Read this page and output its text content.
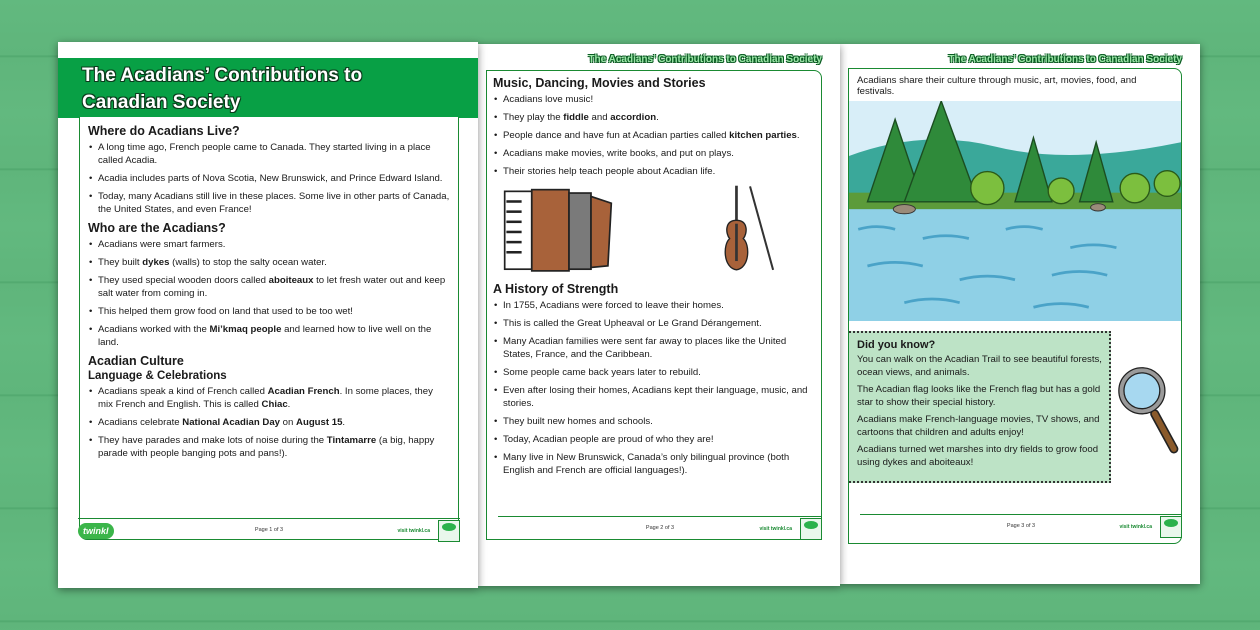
The Acadians’ Contributions to Canadian Society
Acadians share their culture through music, art, movies, food, and festivals.
Did you know?
You can walk on the Acadian Trail to see beautiful forests, ocean views, and animals.
The Acadian flag looks like the French flag but has a gold star to show their special history.
Acadians make French-language movies, TV shows, and cartoons that children and adults enjoy!
Acadians turned wet marshes into dry fields to grow food using dykes and aboiteaux!
Page 3 of 3	visit twinkl.ca
The Acadians’ Contributions to Canadian Society
Music, Dancing, Movies and Stories
• Acadians love music!
• They play the fiddle and accordion.
• People dance and have fun at Acadian parties called kitchen parties.
• Acadians make movies, write books, and put on plays.
• Their stories help teach people about Acadian life.
A History of Strength
• In 1755, Acadians were forced to leave their homes.
• This is called the Great Upheaval or Le Grand Dérangement.
• Many Acadian families were sent far away to places like the United States, France, and the Caribbean.
• Some people came back years later to rebuild.
• Even after losing their homes, Acadians kept their language, music, and stories.
• They built new homes and schools.
• Today, Acadian people are proud of who they are!
• Many live in New Brunswick, Canada’s only bilingual province (both English and French are official languages!).
Page 2 of 3	visit twinkl.ca
The Acadians’ Contributions to
Canadian Society
Where do Acadians Live?
• A long time ago, French people came to Canada. They started living in a place called Acadia.
• Acadia includes parts of Nova Scotia, New Brunswick, and Prince Edward Island.
• Today, many Acadians still live in these places. Some live in other parts of Canada, the United States, and even France!
Who are the Acadians?
• Acadians were smart farmers.
• They built dykes (walls) to stop the salty ocean water.
• They used special wooden doors called aboiteaux to let fresh water out and keep salt water from coming in.
• This helped them grow food on land that used to be too wet!
• Acadians worked with the Mi’kmaq people and learned how to live well on the land.
Acadian Culture
Language & Celebrations
• Acadians speak a kind of French called Acadian French. In some places, they mix French and English. This is called Chiac.
• Acadians celebrate National Acadian Day on August 15.
• They have parades and make lots of noise during the Tintamarre (a big, happy parade with people banging pots and pans!).
twinkl	Page 1 of 3	visit twinkl.ca
